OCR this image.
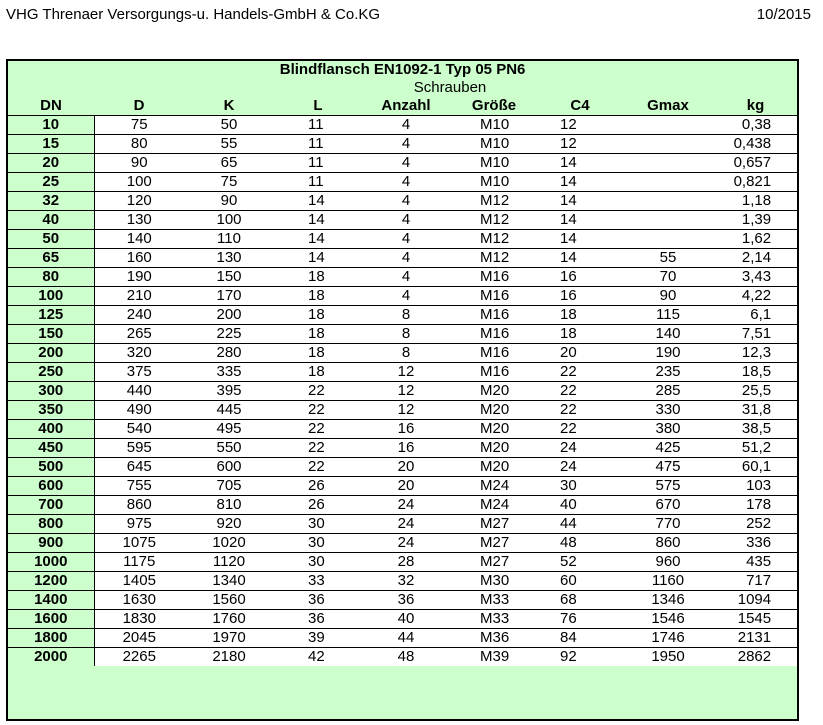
VHG Threnaer Versorgungs-u. Handels-GmbH & Co.KG	10/2015
Blindflansch EN1092-1 Typ 05 PN6								
				Schrauben				
DN	D	K	L	Anzahl	Größe	C4	Gmax	kg
10	75	50	11	4	M10	12		0,38
15	80	55	11	4	M10	12		0,438
20	90	65	11	4	M10	14		0,657
25	100	75	11	4	M10	14		0,821
32	120	90	14	4	M12	14		1,18
40	130	100	14	4	M12	14		1,39
50	140	110	14	4	M12	14		1,62
65	160	130	14	4	M12	14	55	2,14
80	190	150	18	4	M16	16	70	3,43
100	210	170	18	4	M16	16	90	4,22
125	240	200	18	8	M16	18	115	6,1
150	265	225	18	8	M16	18	140	7,51
200	320	280	18	8	M16	20	190	12,3
250	375	335	18	12	M16	22	235	18,5
300	440	395	22	12	M20	22	285	25,5
350	490	445	22	12	M20	22	330	31,8
400	540	495	22	16	M20	22	380	38,5
450	595	550	22	16	M20	24	425	51,2
500	645	600	22	20	M20	24	475	60,1
600	755	705	26	20	M24	30	575	103
700	860	810	26	24	M24	40	670	178
800	975	920	30	24	M27	44	770	252
900	1075	1020	30	24	M27	48	860	336
1000	1175	1120	30	28	M27	52	960	435
1200	1405	1340	33	32	M30	60	1160	717
1400	1630	1560	36	36	M33	68	1346	1094
1600	1830	1760	36	40	M33	76	1546	1545
1800	2045	1970	39	44	M36	84	1746	2131
2000	2265	2180	42	48	M39	92	1950	2862
